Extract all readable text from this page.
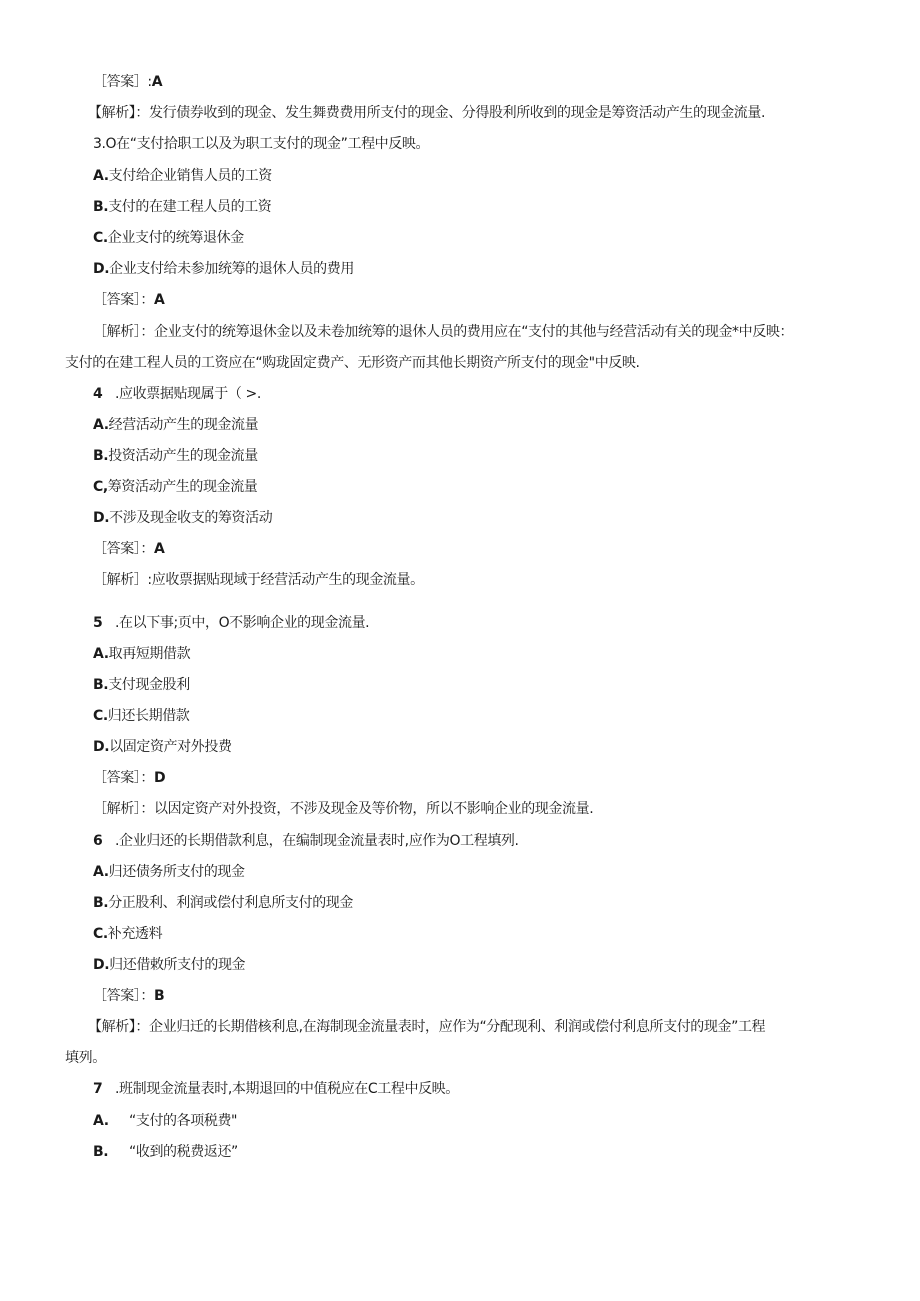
［答案］:A
【解析】：发行债券收到的现金、发生舞费费用所支付的现金、分得股利所收到的现金是筹资活动产生的现金流量.
3.O在“支付拾职工以及为职工支付的现金”工程中反映。
A.支付给企业销售人员的工资
B.支付的在建工程人员的工资
C.企业支付的统筹退休金
D.企业支付给未参加统筹的退休人员的费用
［答案］：A
［解析］：企业支付的统筹退休金以及未卷加统筹的退休人员的费用应在“支付的其他与经营活动有关的现金*中反映：
支付的在建工程人员的工资应在“购珑固定费产、无形资产而其他长期资产所支付的现金"中反映.
4 .应收票据贴现属于（ >.
A.经营活动产生的现金流量
B.投资活动产生的现金流量
C,筹资活动产生的现金流量
D.不涉及现金收支的筹资活动
［答案］：A
［解析］:应收票据贴现域于经营活动产生的现金流量。
5 .在以下事;页中，O不影响企业的现金流量.
A.取再短期借款
B.支付现金股利
C.归还长期借款
D.以固定资产对外投费
［答案］：D
［解析］：以因定资产对外投资，不涉及现金及等价物，所以不影响企业的现金流量.
6 .企业归还的长期借款利息，在编制现金流量表时,应作为O工程填列.
A.归还债务所支付的现金
B.分正股利、利润或偿付利息所支付的现金
C.补充透料
D.归还借敕所支付的现金
［答案］：B
【解析】：企业归迁的长期借核利息,在海制现金流量表时，应作为“分配现利、利润或偿付利息所支付的现金”工程
填列。
7 .班制现金流量表时,本期退回的中值税应在C工程中反映。
A. “支付的各项税费"
B. “收到的税费返还”
